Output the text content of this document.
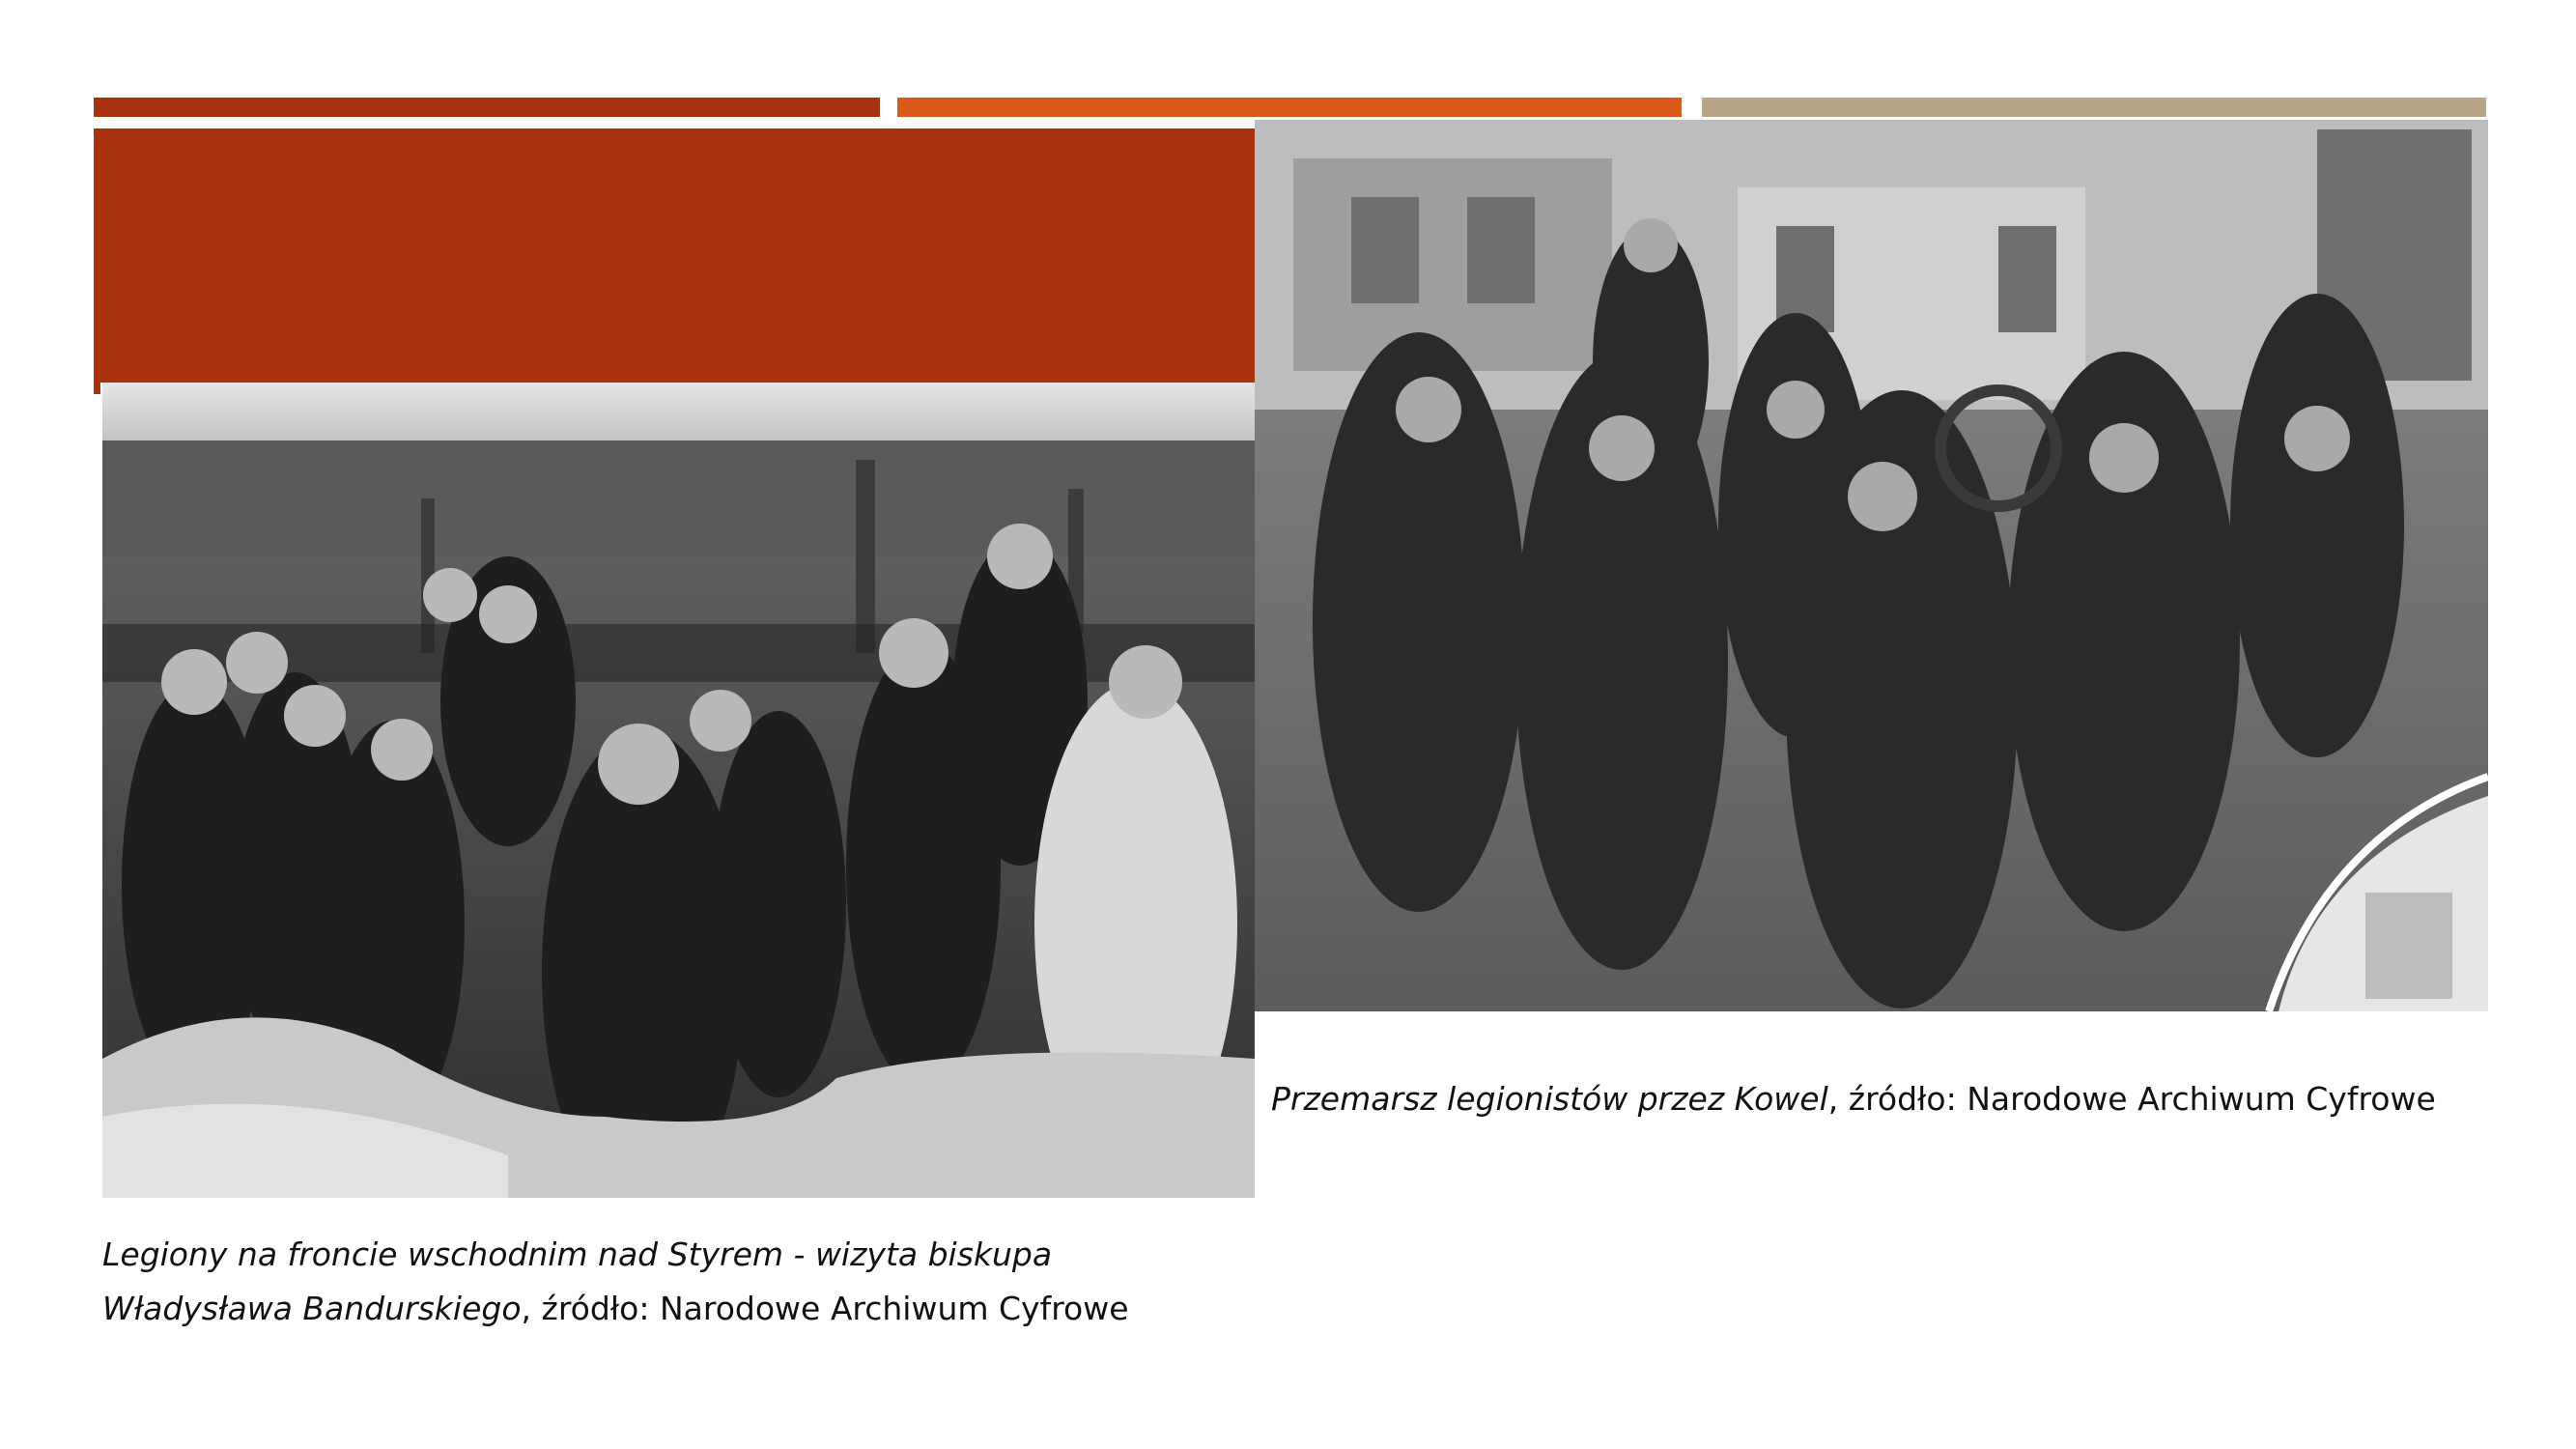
Legiony na froncie wschodnim nad Styrem - wizyta biskupa Władysława Bandurskiego, źródło: Narodowe Archiwum Cyfrowe
Przemarsz legionistów przez Kowel, źródło: Narodowe Archiwum Cyfrowe
